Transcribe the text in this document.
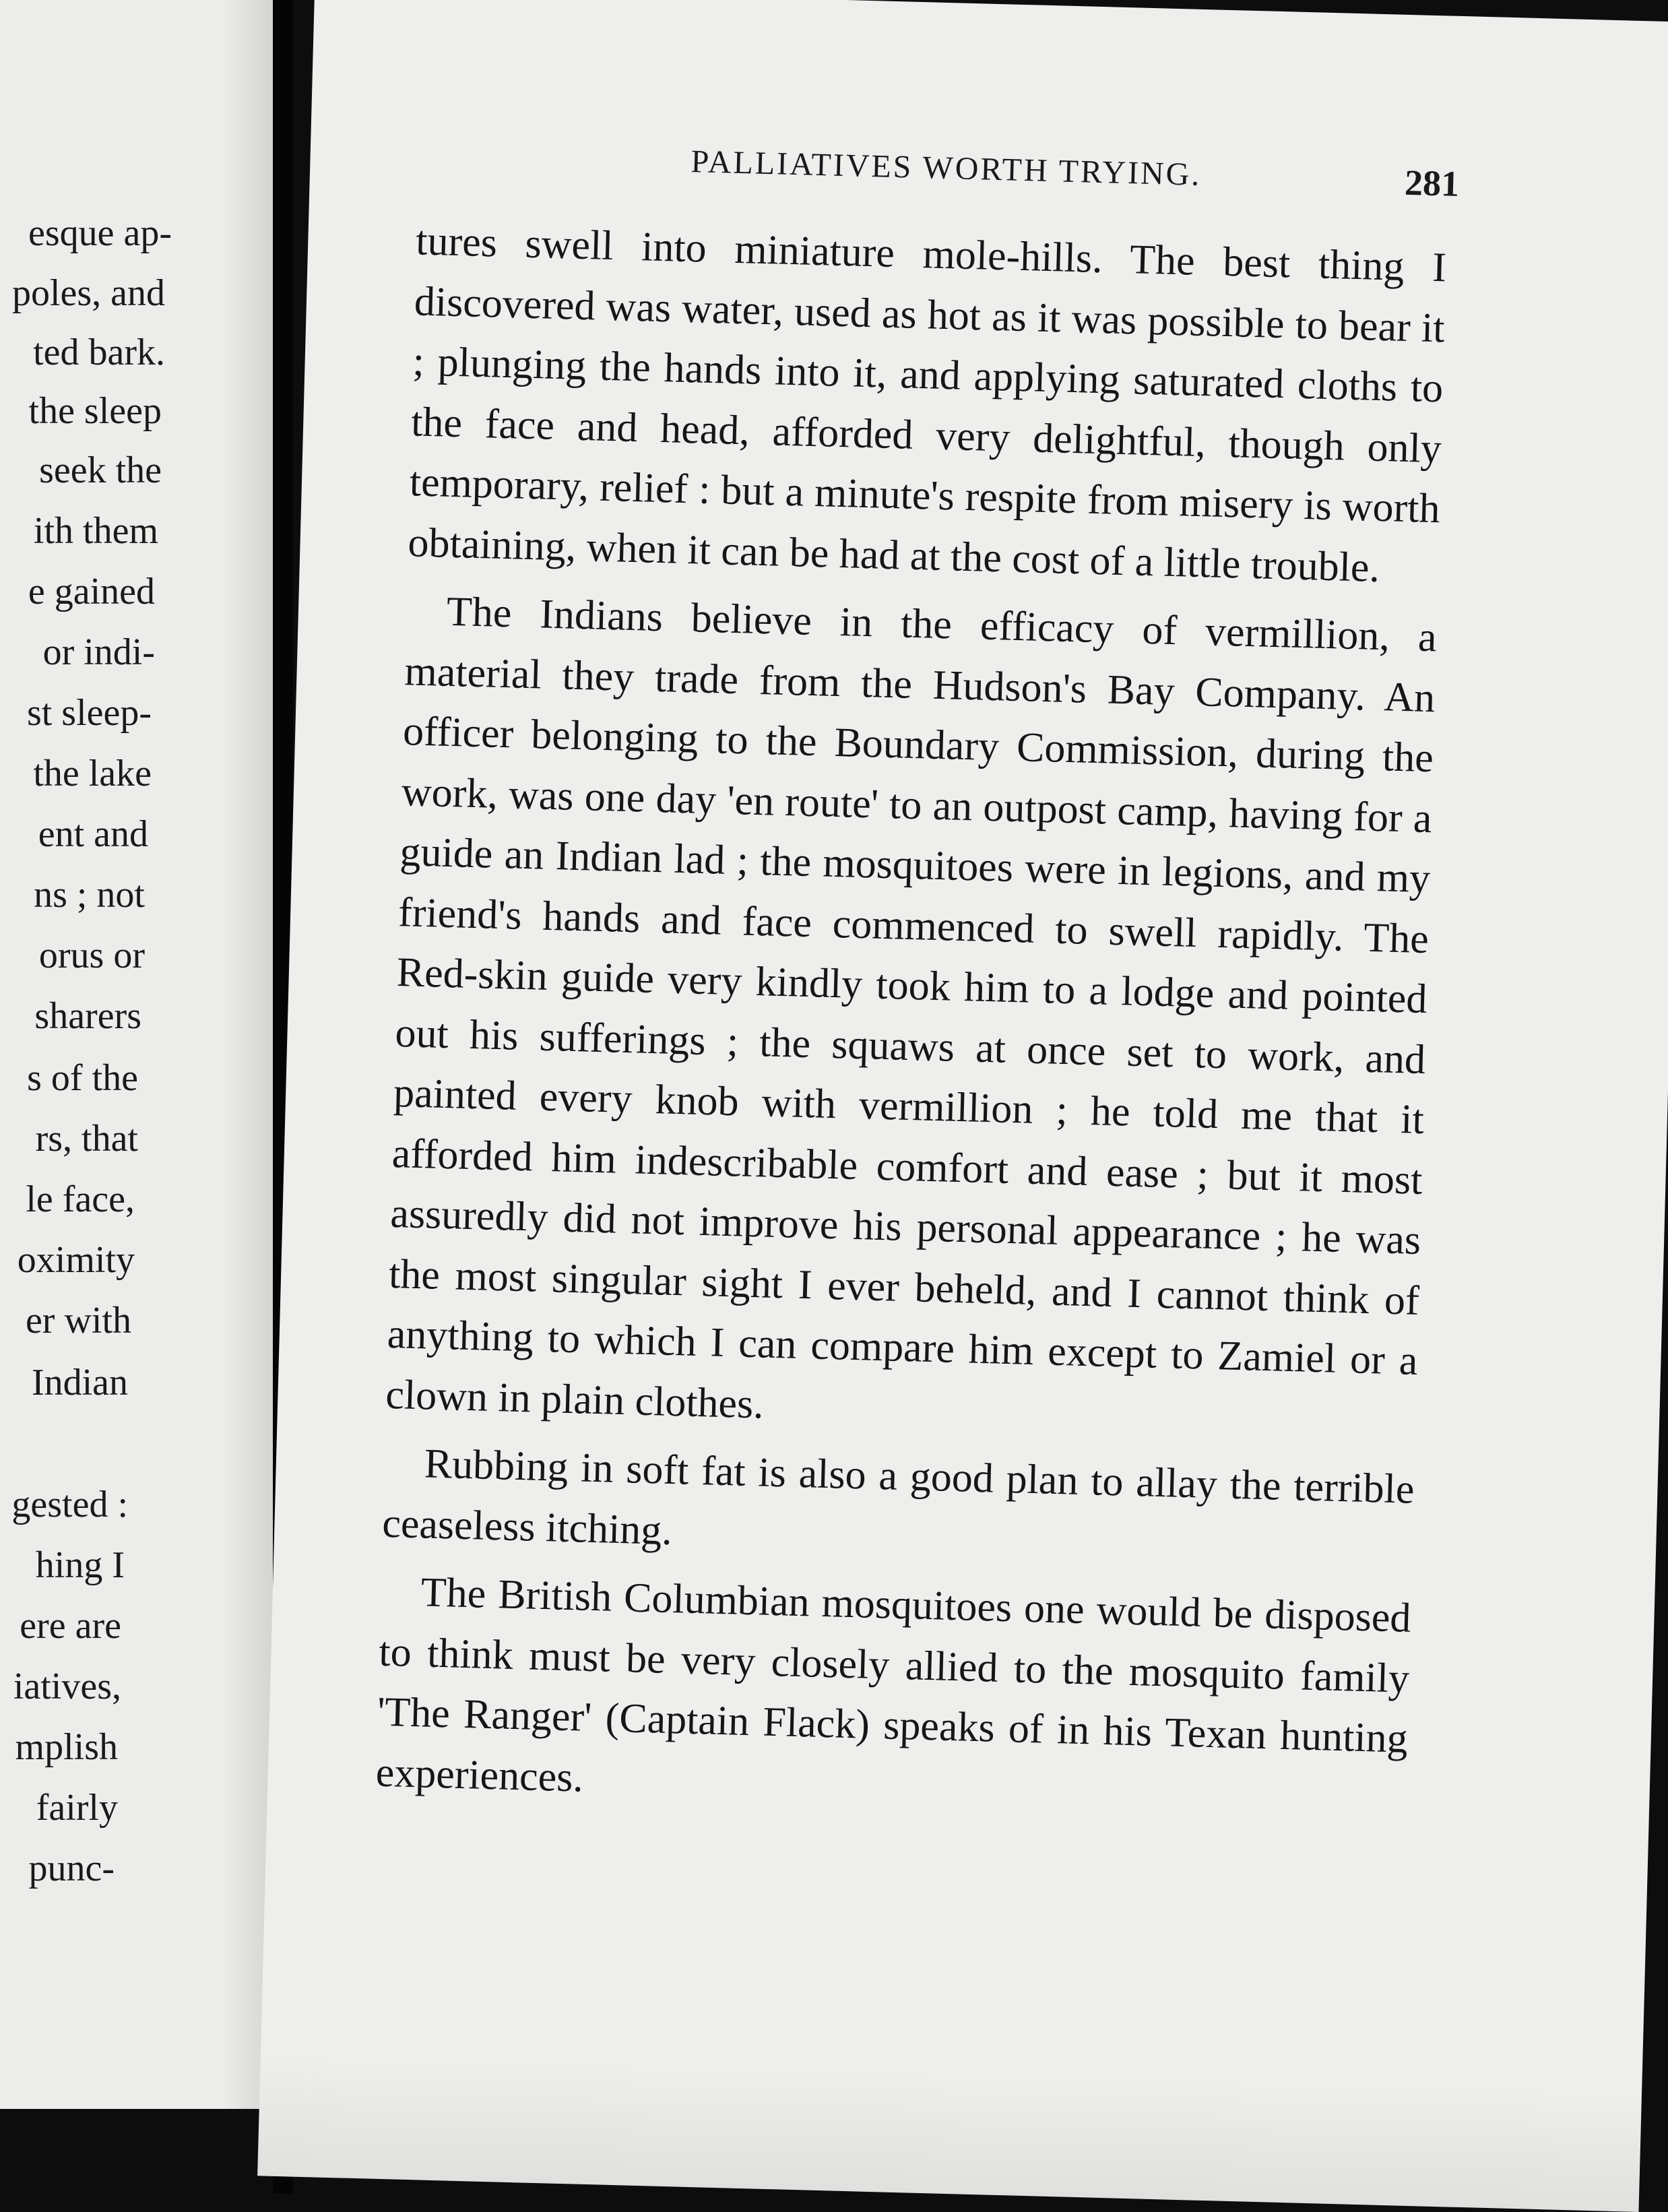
esque ap-
poles, and
ted bark.
the sleep
seek the
ith them
e gained
or indi-
st sleep-
the lake
ent and
ns ; not
orus or
sharers
s of the
rs, that
le face,
oximity
er with
Indian
gested :
hing I
ere are
iatives,
mplish
fairly
punc-
PALLIATIVES WORTH TRYING.	281

tures swell into miniature mole-hills. The best thing I discovered was water, used as hot as it was possible to bear it ; plunging the hands into it, and applying saturated cloths to the face and head, afforded very delightful, though only temporary, relief : but a minute's respite from misery is worth obtaining, when it can be had at the cost of a little trouble.

The Indians believe in the efficacy of vermillion, a material they trade from the Hudson's Bay Company. An officer belonging to the Boundary Commission, during the work, was one day 'en route' to an outpost camp, having for a guide an Indian lad ; the mosquitoes were in legions, and my friend's hands and face commenced to swell rapidly. The Red-skin guide very kindly took him to a lodge and pointed out his sufferings ; the squaws at once set to work, and painted every knob with vermillion ; he told me that it afforded him indescribable comfort and ease ; but it most assuredly did not improve his personal appearance ; he was the most singular sight I ever beheld, and I cannot think of anything to which I can compare him except to Zamiel or a clown in plain clothes.

Rubbing in soft fat is also a good plan to allay the terrible ceaseless itching.

The British Columbian mosquitoes one would be disposed to think must be very closely allied to the mosquito family 'The Ranger' (Captain Flack) speaks of in his Texan hunting experiences.
